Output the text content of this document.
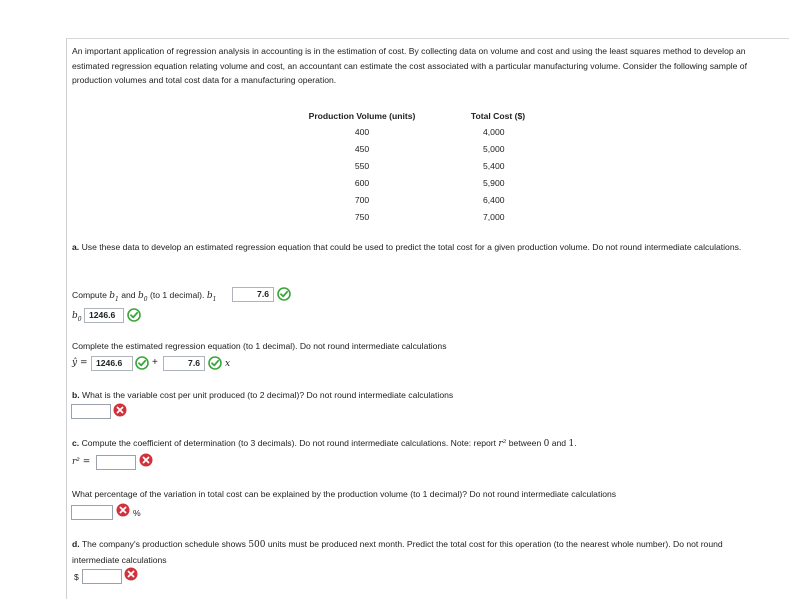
An important application of regression analysis in accounting is in the estimation of cost. By collecting data on volume and cost and using the least squares method to develop an estimated regression equation relating volume and cost, an accountant can estimate the cost associated with a particular manufacturing volume. Consider the following sample of production volumes and total cost data for a manufacturing operation.
Production Volume (units)	Total Cost ($)
400	4,000
450	5,000
550	5,400
600	5,900
700	6,400
750	7,000
a. Use these data to develop an estimated regression equation that could be used to predict the total cost for a given production volume. Do not round intermediate calculations.
Compute $b_1$ and $b_0$ (to 1 decimal). $b_1$
7.6
$b_0$ 1246.6
Complete the estimated regression equation (to 1 decimal). Do not round intermediate calculations
ŷ = 1246.6	+	7.6	x
b. What is the variable cost per unit produced (to 2 decimal)? Do not round intermediate calculations
c. Compute the coefficient of determination (to 3 decimals). Do not round intermediate calculations. Note: report r² between 0 and 1.
r² =
What percentage of the variation in total cost can be explained by the production volume (to 1 decimal)? Do not round intermediate calculations
%
d. The company's production schedule shows 500 units must be produced next month. Predict the total cost for this operation (to the nearest whole number). Do not round intermediate calculations
$
